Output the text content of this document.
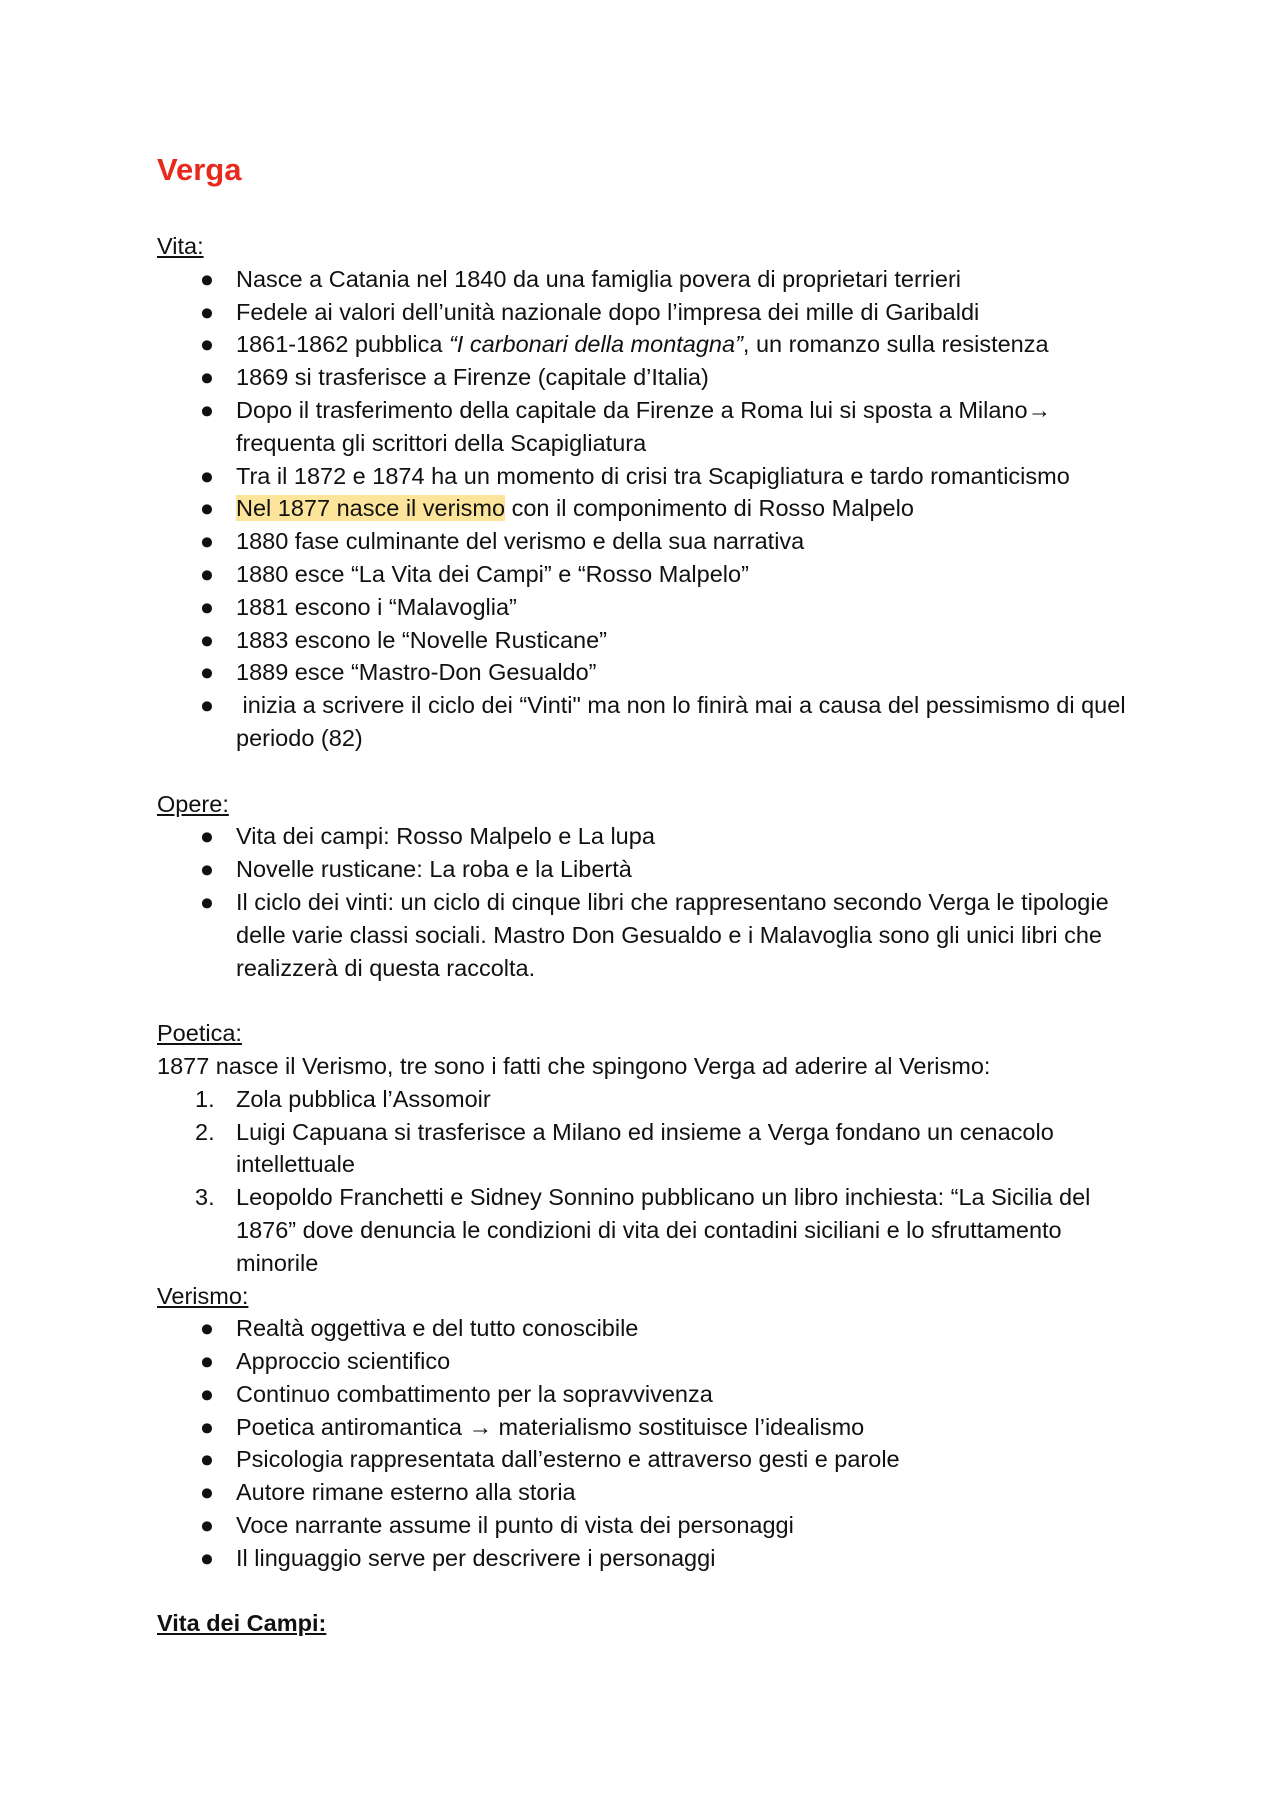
Verga

Vita:

● Nasce a Catania nel 1840 da una famiglia povera di proprietari terrieri
● Fedele ai valori dell’unità nazionale dopo l’impresa dei mille di Garibaldi
● 1861-1862 pubblica “I carbonari della montagna”, un romanzo sulla resistenza
● 1869 si trasferisce a Firenze (capitale d’Italia)
● Dopo il trasferimento della capitale da Firenze a Roma lui si sposta a Milano→ frequenta gli scrittori della Scapigliatura
● Tra il 1872 e 1874 ha un momento di crisi tra Scapigliatura e tardo romanticismo
● Nel 1877 nasce il verismo con il componimento di Rosso Malpelo
● 1880 fase culminante del verismo e della sua narrativa
● 1880 esce “La Vita dei Campi” e “Rosso Malpelo”
● 1881 escono i “Malavoglia”
● 1883 escono le “Novelle Rusticane”
● 1889 esce “Mastro-Don Gesualdo”
● inizia a scrivere il ciclo dei “Vinti" ma non lo finirà mai a causa del pessimismo di quel periodo (82)

Opere:

● Vita dei campi: Rosso Malpelo e La lupa
● Novelle rusticane: La roba e la Libertà
● Il ciclo dei vinti: un ciclo di cinque libri che rappresentano secondo Verga le tipologie delle varie classi sociali. Mastro Don Gesualdo e i Malavoglia sono gli unici libri che realizzerà di questa raccolta.

Poetica:

1877 nasce il Verismo, tre sono i fatti che spingono Verga ad aderire al Verismo:

1. Zola pubblica l’Assomoir
2. Luigi Capuana si trasferisce a Milano ed insieme a Verga fondano un cenacolo intellettuale
3. Leopoldo Franchetti e Sidney Sonnino pubblicano un libro inchiesta: “La Sicilia del 1876” dove denuncia le condizioni di vita dei contadini siciliani e lo sfruttamento minorile

Verismo:

● Realtà oggettiva e del tutto conoscibile
● Approccio scientifico
● Continuo combattimento per la sopravvivenza
● Poetica antiromantica → materialismo sostituisce l’idealismo
● Psicologia rappresentata dall’esterno e attraverso gesti e parole
● Autore rimane esterno alla storia
● Voce narrante assume il punto di vista dei personaggi
● Il linguaggio serve per descrivere i personaggi

Vita dei Campi:
